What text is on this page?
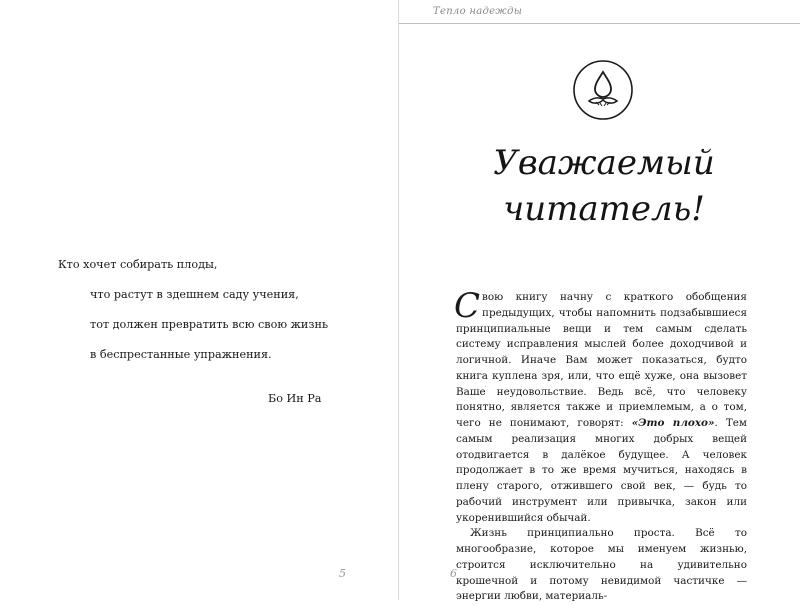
Кто хочет собирать плоды,
что растут в здешнем саду учения,
тот должен превратить всю свою жизнь
в беспрестанные упражнения.
Бо Ин Ра
5
Тепло надежды
Уважаемый
читатель!

Свою книгу начну с краткого обобщения предыдущих, чтобы напомнить подзабывшиеся принципиальные вещи и тем самым сделать систему исправления мыслей более доходчивой и логичной. Иначе Вам может показаться, будто книга куплена зря, или, что ещё хуже, она вызовет Ваше неудовольствие. Ведь всё, что человеку понятно, является также и приемлемым, а о том, чего не понимают, говорят: «Это плохо». Тем самым реализация многих добрых вещей отодвигается в далёкое будущее. А человек продолжает в то же время мучиться, находясь в плену старого, отжившего свой век, — будь то рабочий инструмент или привычка, закон или укоренившийся обычай.

Жизнь принципиально проста. Всё то многообразие, которое мы именуем жизнью, строится исключительно на удивительно крошечной и потому невидимой частичке — энергии любви, материаль-

6
